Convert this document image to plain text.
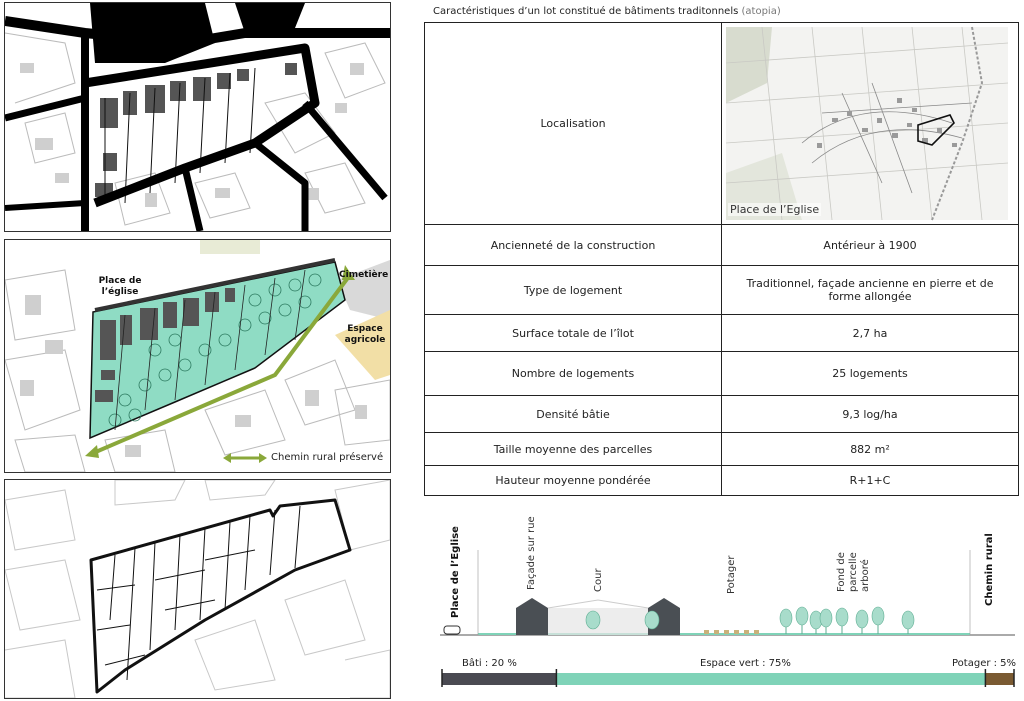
Caractéristiques d’un lot constitué de bâtiments traditonnels (atopia)
Place de l’église
Cimetière
Espace agricole
Chemin rural préservé
Localisation	Place de l’Eglise

Ancienneté de la construction	Antérieur à 1900
Type de logement	Traditionnel, façade ancienne en pierre et de forme allongée
Surface totale de l’îlot	2,7 ha
Nombre de logements	25 logements
Densité bâtie	9,3 log/ha
Taille moyenne des parcelles	882 m²
Hauteur moyenne pondérée	R+1+C
Place de l’Eglise	Façade sur rue	Cour	Potager	Fond de parcelle arboré	Chemin rural
Bâti : 20 %	Espace vert : 75%	Potager : 5%
